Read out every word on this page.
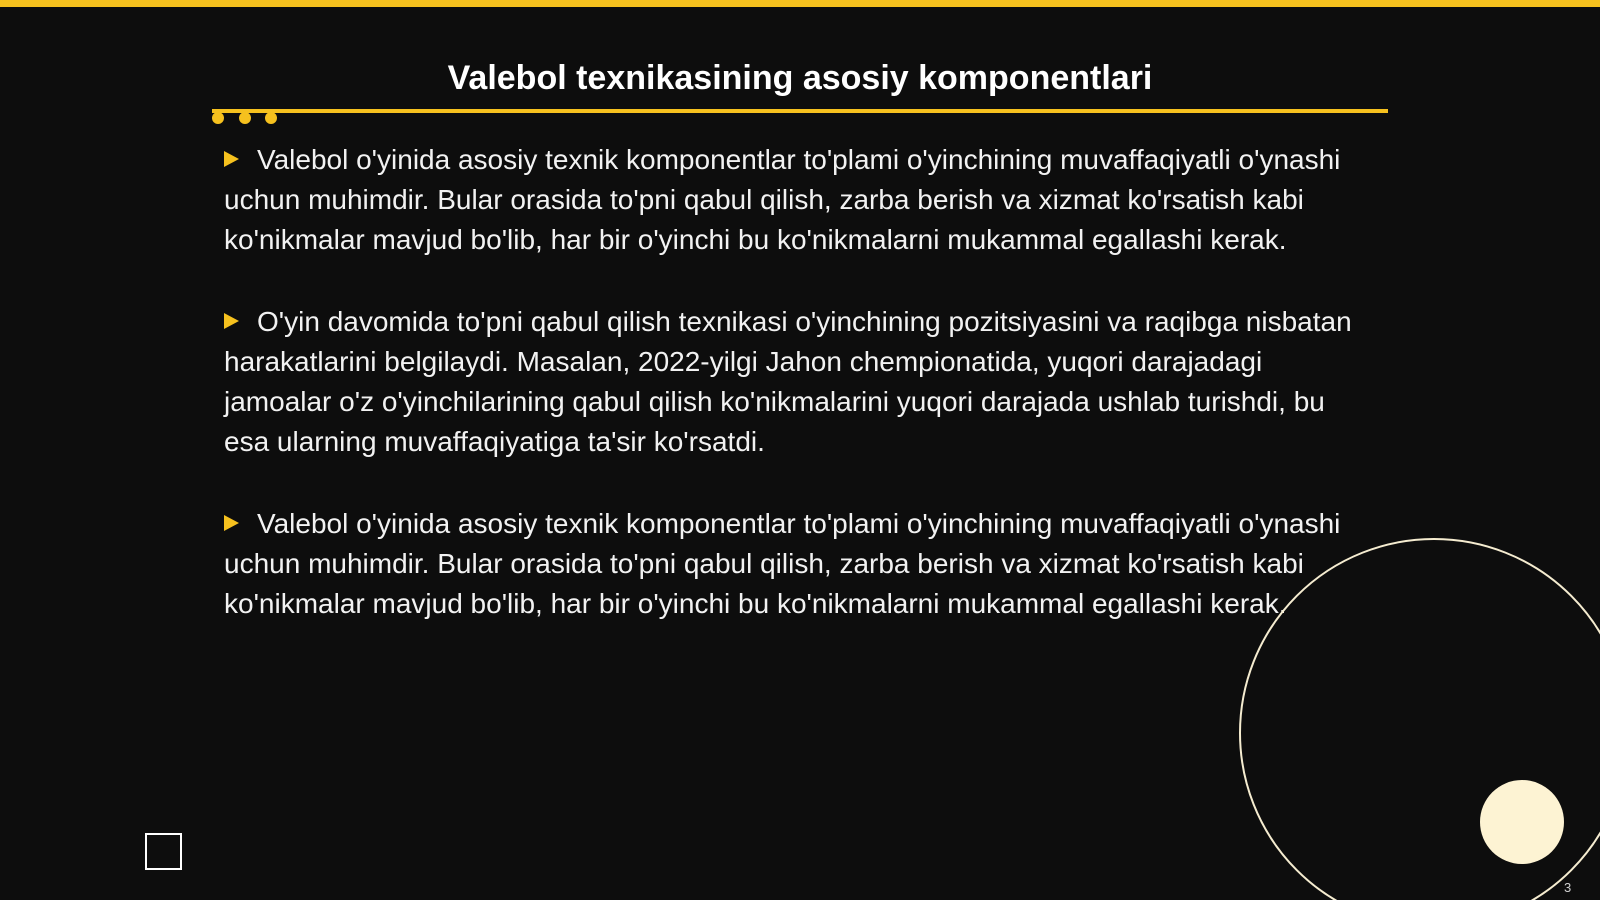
Valebol texnikasining asosiy komponentlari

Valebol o'yinida asosiy texnik komponentlar to'plami o'yinchining muvaffaqiyatli o'ynashi uchun muhimdir. Bular orasida to'pni qabul qilish, zarba berish va xizmat ko'rsatish kabi ko'nikmalar mavjud bo'lib, har bir o'yinchi bu ko'nikmalarni mukammal egallashi kerak.

O'yin davomida to'pni qabul qilish texnikasi o'yinchining pozitsiyasini va raqibga nisbatan harakatlarini belgilaydi. Masalan, 2022-yilgi Jahon chempionatida, yuqori darajadagi jamoalar o'z o'yinchilarining qabul qilish ko'nikmalarini yuqori darajada ushlab turishdi, bu esa ularning muvaffaqiyatiga ta'sir ko'rsatdi.

Valebol o'yinida asosiy texnik komponentlar to'plami o'yinchining muvaffaqiyatli o'ynashi uchun muhimdir. Bular orasida to'pni qabul qilish, zarba berish va xizmat ko'rsatish kabi ko'nikmalar mavjud bo'lib, har bir o'yinchi bu ko'nikmalarni mukammal egallashi kerak.

3
